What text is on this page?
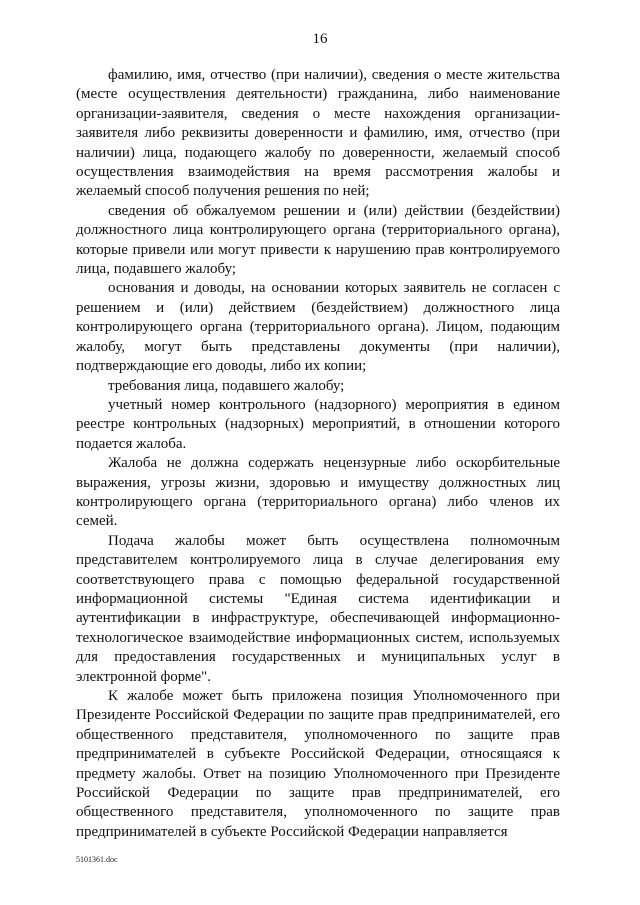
16

фамилию, имя, отчество (при наличии), сведения о месте жительства (месте осуществления деятельности) гражданина, либо наименование организации-заявителя, сведения о месте нахождения организации-заявителя либо реквизиты доверенности и фамилию, имя, отчество (при наличии) лица, подающего жалобу по доверенности, желаемый способ осуществления взаимодействия на время рассмотрения жалобы и желаемый способ получения решения по ней;

сведения об обжалуемом решении и (или) действии (бездействии) должностного лица контролирующего органа (территориального органа), которые привели или могут привести к нарушению прав контролируемого лица, подавшего жалобу;

основания и доводы, на основании которых заявитель не согласен с решением и (или) действием (бездействием) должностного лица контролирующего органа (территориального органа). Лицом, подающим жалобу, могут быть представлены документы (при наличии), подтверждающие его доводы, либо их копии;

требования лица, подавшего жалобу;

учетный номер контрольного (надзорного) мероприятия в едином реестре контрольных (надзорных) мероприятий, в отношении которого подается жалоба.

Жалоба не должна содержать нецензурные либо оскорбительные выражения, угрозы жизни, здоровью и имуществу должностных лиц контролирующего органа (территориального органа) либо членов их семей.

Подача жалобы может быть осуществлена полномочным представителем контролируемого лица в случае делегирования ему соответствующего права с помощью федеральной государственной информационной системы "Единая система идентификации и аутентификации в инфраструктуре, обеспечивающей информационно-технологическое взаимодействие информационных систем, используемых для предоставления государственных и муниципальных услуг в электронной форме".

К жалобе может быть приложена позиция Уполномоченного при Президенте Российской Федерации по защите прав предпринимателей, его общественного представителя, уполномоченного по защите прав предпринимателей в субъекте Российской Федерации, относящаяся к предмету жалобы. Ответ на позицию Уполномоченного при Президенте Российской Федерации по защите прав предпринимателей, его общественного представителя, уполномоченного по защите прав предпринимателей в субъекте Российской Федерации направляется

5101361.doc
